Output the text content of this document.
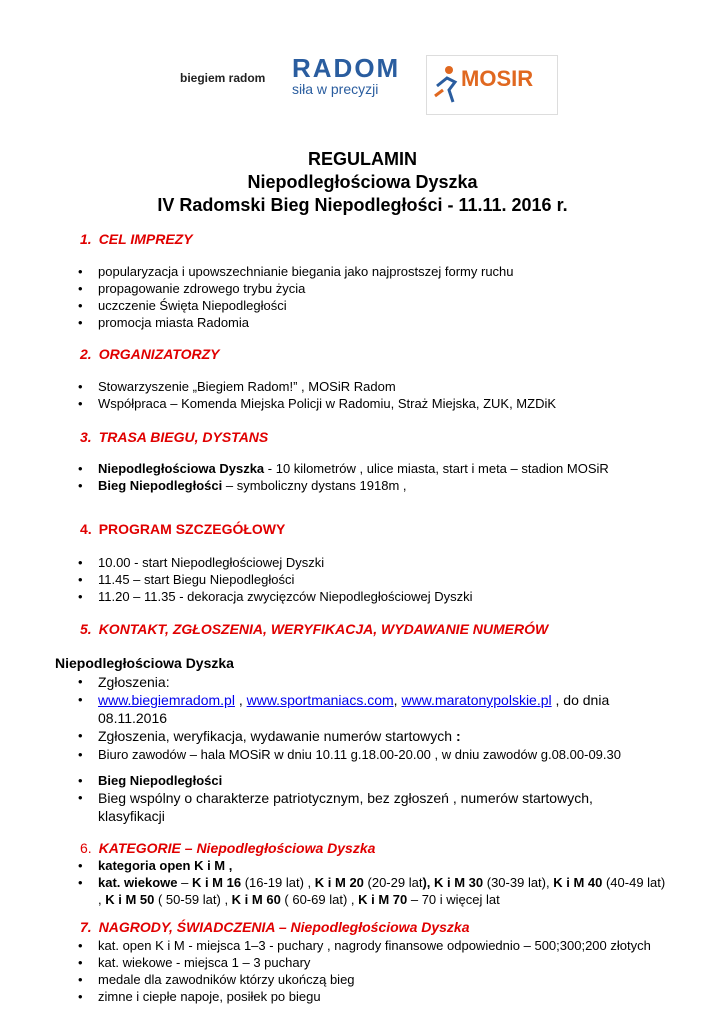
biegiem radom RADOM
siła w precyzji	MOSIR
REGULAMIN
Niepodległościowa Dyszka
IV Radomski Bieg Niepodległości - 11.11. 2016 r.
1. CEL IMPREZY
• popularyzacja i upowszechnianie biegania jako najprostszej formy ruchu
• propagowanie zdrowego trybu życia
• uczczenie Święta Niepodległości
• promocja miasta Radomia
2. ORGANIZATORZY
• Stowarzyszenie „Biegiem Radom!” , MOSiR Radom
• Współpraca – Komenda Miejska Policji w Radomiu, Straż Miejska, ZUK, MZDiK
3. TRASA BIEGU, DYSTANS
• Niepodległościowa Dyszka - 10 kilometrów , ulice miasta, start i meta – stadion MOSiR
• Bieg Niepodległości – symboliczny dystans 1918m ,
4. PROGRAM SZCZEGÓŁOWY
• 10.00 - start Niepodległościowej Dyszki
• 11.45 – start Biegu Niepodległości
• 11.20 – 11.35 - dekoracja zwycięzców Niepodległościowej Dyszki
5. KONTAKT, ZGŁOSZENIA, WERYFIKACJA, WYDAWANIE NUMERÓW
Niepodległościowa Dyszka
• Zgłoszenia:
• www.biegiemradom.pl , www.sportmaniacs.com, www.maratonypolskie.pl , do dnia 08.11.2016
• Zgłoszenia, weryfikacja, wydawanie numerów startowych :
• Biuro zawodów – hala MOSiR w dniu 10.11 g.18.00-20.00 , w dniu zawodów g.08.00-09.30
• Bieg Niepodległości
• Bieg wspólny o charakterze patriotycznym, bez zgłoszeń , numerów startowych, klasyfikacji
6. KATEGORIE – Niepodległościowa Dyszka
• kategoria open K i M ,
• kat. wiekowe – K i M 16 (16-19 lat) , K i M 20 (20-29 lat), K i M 30 (30-39 lat), K i M 40 (40-49 lat) , K i M 50 ( 50-59 lat) , K i M 60 ( 60-69 lat) , K i M 70 – 70 i więcej lat
7. NAGRODY, ŚWIADCZENIA – Niepodległościowa Dyszka
• kat. open K i M - miejsca 1–3 - puchary , nagrody finansowe odpowiednio – 500;300;200 złotych
• kat. wiekowe - miejsca 1 – 3 puchary
• medale dla zawodników którzy ukończą bieg
• zimne i ciepłe napoje, posiłek po biegu
